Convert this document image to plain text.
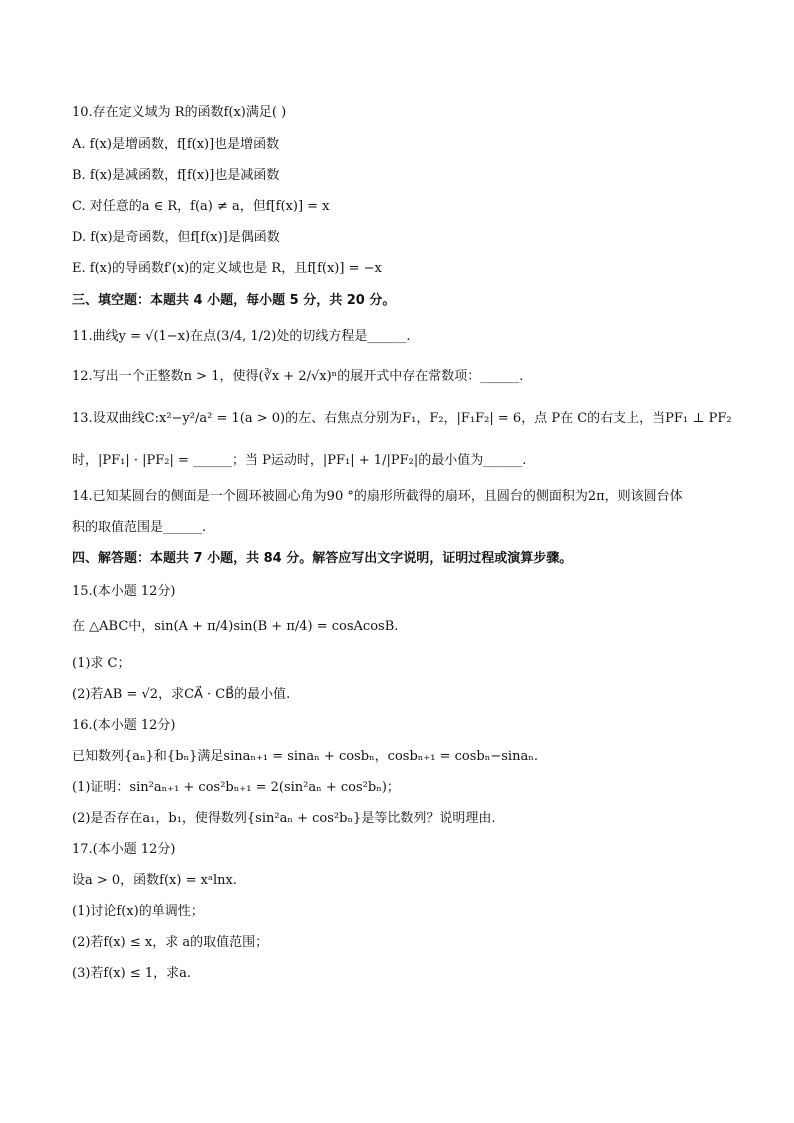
10.存在定义域为 R的函数f(x)满足( )
A. f(x)是增函数，f[f(x)]也是增函数
B. f(x)是减函数，f[f(x)]也是减函数
C. 对任意的a ∈ R，f(a) ≠ a，但f[f(x)] = x
D. f(x)是奇函数，但f[f(x)]是偶函数
E. f(x)的导函数f′(x)的定义域也是 R，且f[f(x)] = −x
三、填空题：本题共 4 小题，每小题 5 分，共 20 分。
11.曲线y = √(1−x)在点(3/4, 1/2)处的切线方程是______.
12.写出一个正整数n > 1，使得(∛x + 2/√x)ⁿ的展开式中存在常数项：______.
13.设双曲线C:x²−y²/a² = 1(a > 0)的左、右焦点分别为F₁，F₂，|F₁F₂| = 6，点 P在 C的右支上，当PF₁ ⊥ PF₂
时，|PF₁| · |PF₂| = ______；当 P运动时，|PF₁| + 1/|PF₂|的最小值为______.
14.已知某圆台的侧面是一个圆环被圆心角为90 °的扇形所截得的扇环，且圆台的侧面积为2π，则该圆台体
积的取值范围是______.
四、解答题：本题共 7 小题，共 84 分。解答应写出文字说明，证明过程或演算步骤。
15.(本小题 12分)
在 △ABC中，sin(A + π/4)sin(B + π/4) = cosAcosB.
(1)求 C；
(2)若AB = √2，求CA⃗ · CB⃗的最小值.
16.(本小题 12分)
已知数列{aₙ}和{bₙ}满足sinaₙ₊₁ = sinaₙ + cosbₙ，cosbₙ₊₁ = cosbₙ−sinaₙ.
(1)证明：sin²aₙ₊₁ + cos²bₙ₊₁ = 2(sin²aₙ + cos²bₙ)；
(2)是否存在a₁，b₁，使得数列{sin²aₙ + cos²bₙ}是等比数列？说明理由.
17.(本小题 12分)
设a > 0，函数f(x) = xᵃlnx.
(1)讨论f(x)的单调性；
(2)若f(x) ≤ x，求 a的取值范围；
(3)若f(x) ≤ 1，求a.
